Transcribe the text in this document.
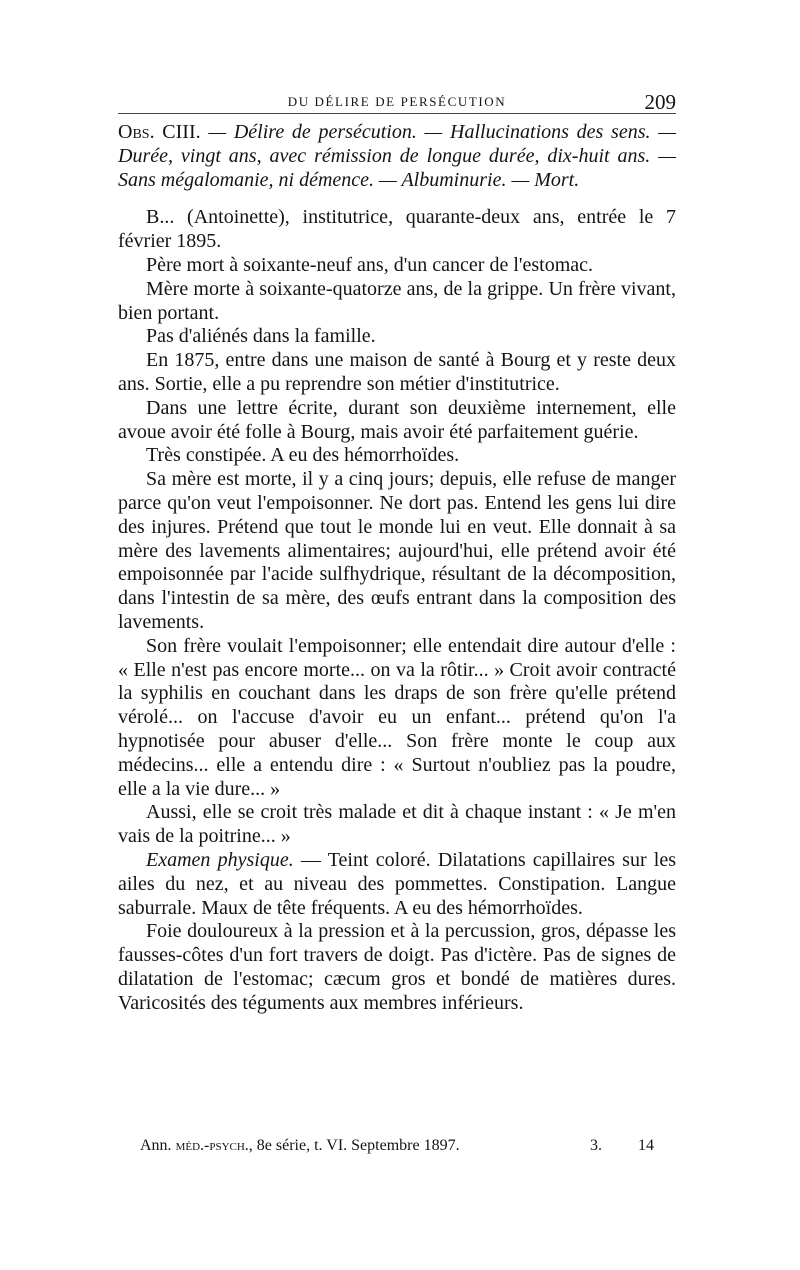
DU DÉLIRE DE PERSÉCUTION	209

Obs. CIII. — Délire de persécution. — Hallucinations des sens. — Durée, vingt ans, avec rémission de longue durée, dix-huit ans. — Sans mégalomanie, ni démence. — Albuminurie. — Mort.

B... (Antoinette), institutrice, quarante-deux ans, entrée le 7 février 1895.

Père mort à soixante-neuf ans, d'un cancer de l'estomac.

Mère morte à soixante-quatorze ans, de la grippe. Un frère vivant, bien portant.

Pas d'aliénés dans la famille.

En 1875, entre dans une maison de santé à Bourg et y reste deux ans. Sortie, elle a pu reprendre son métier d'institutrice.

Dans une lettre écrite, durant son deuxième internement, elle avoue avoir été folle à Bourg, mais avoir été parfaitement guérie.

Très constipée. A eu des hémorrhoïdes.

Sa mère est morte, il y a cinq jours; depuis, elle refuse de manger parce qu'on veut l'empoisonner. Ne dort pas. Entend les gens lui dire des injures. Prétend que tout le monde lui en veut. Elle donnait à sa mère des lavements alimentaires; aujourd'hui, elle prétend avoir été empoisonnée par l'acide sulfhydrique, résultant de la décomposition, dans l'intestin de sa mère, des œufs entrant dans la composition des lavements.

Son frère voulait l'empoisonner; elle entendait dire autour d'elle : « Elle n'est pas encore morte... on va la rôtir... » Croit avoir contracté la syphilis en couchant dans les draps de son frère qu'elle prétend vérolé... on l'accuse d'avoir eu un enfant... prétend qu'on l'a hypnotisée pour abuser d'elle... Son frère monte le coup aux médecins... elle a entendu dire : « Surtout n'oubliez pas la poudre, elle a la vie dure... »

Aussi, elle se croit très malade et dit à chaque instant : « Je m'en vais de la poitrine... »

Examen physique. — Teint coloré. Dilatations capillaires sur les ailes du nez, et au niveau des pommettes. Constipation. Langue saburrale. Maux de tête fréquents. A eu des hémorrhoïdes.

Foie douloureux à la pression et à la percussion, gros, dépasse les fausses-côtes d'un fort travers de doigt. Pas d'ictère. Pas de signes de dilatation de l'estomac; cæcum gros et bondé de matières dures. Varicosités des téguments aux membres inférieurs.

Ann. méd.-psych., 8e série, t. VI. Septembre 1897.	3. 14
